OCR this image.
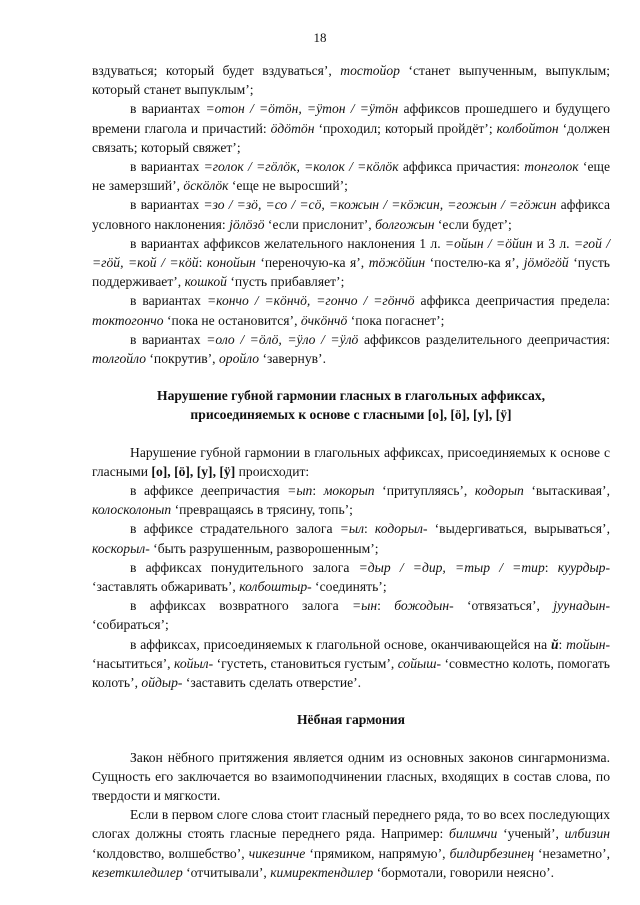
18

вздуваться; который будет вздуваться’, тостойор ‘станет выпученным, выпуклым; который станет выпуклым’;

в вариантах =отон / =ӧтӧн, =ӱтон / =ӱтӧн аффиксов прошедшего и будущего времени глагола и причастий: ӧдӧтӧн ‘проходил; который пройдёт’; колбойтон ‘должен связать; который свяжет’;

в вариантах =голок / =гӧлӧк, =колок / =кӧлӧк аффикса причастия: тонголок ‘еще не замерзший’, ӧскӧлӧк ‘еще не выросший’;

в вариантах =зо / =зӧ, =со / =сӧ, =кожын / =кӧжин, =гожын / =гӧжин аффикса условного наклонения: jӧлӧзӧ ‘если прислонит’, болгожын ‘если будет’;

в вариантах аффиксов желательного наклонения 1 л. =ойын / =ӧйин и 3 л. =гой / =гӧй, =кой / =кӧй: конойын ‘переночую-ка я’, тӧжӧйин ‘постелю-ка я’, jӧмӧгӧй ‘пусть поддерживает’, кошкой ‘пусть прибавляет’;

в вариантах =кончо / =кӧнчӧ, =гончо / =гӧнчӧ аффикса деепричастия предела: токтогончо ‘пока не остановится’, ӧчкӧнчӧ ‘пока погаснет’;

в вариантах =оло / =ӧлӧ, =ӱло / =ӱлӧ аффиксов разделительного деепричастия: толгойло ‘покрутив’, оройло ‘завернув’.

Нарушение губной гармонии гласных в глагольных аффиксах,
присоединяемых к основе с гласными [о], [ӧ], [у], [ӱ]

Нарушение губной гармонии в глагольных аффиксах, присоединяемых к основе с гласными [о], [ӧ], [у], [ӱ] происходит:

в аффиксе деепричастия =ып: мокорып ‘притупляясь’, кодорып ‘вытаскивая’, колосколонып ‘превращаясь в трясину, топь’;

в аффиксе страдательного залога =ыл: кодорыл- ‘выдергиваться, вырываться’, коскорыл- ‘быть разрушенным, разворошенным’;

в аффиксах понудительного залога =дыр / =дир, =тыр / =тир: куурдыр- ‘заставлять обжаривать’, колбоштыр- ‘соединять’;

в аффиксах возвратного залога =ын: божодын- ‘отвязаться’, jуунадын- ‘собираться’;

в аффиксах, присоединяемых к глагольной основе, оканчивающейся на й: тойын- ‘насытиться’, койыл- ‘густеть, становиться густым’, сойыш- ‘совместно колоть, помогать колоть’, ойдыр- ‘заставить сделать отверстие’.

Нёбная гармония

Закон нёбного притяжения является одним из основных законов сингармонизма. Сущность его заключается во взаимоподчинении гласных, входящих в состав слова, по твердости и мягкости.

Если в первом слоге слова стоит гласный переднего ряда, то во всех последующих слогах должны стоять гласные переднего ряда. Например: билимчи ‘ученый’, илбизин ‘колдовство, волшебство’, чикезинче ‘прямиком, напрямую’, билдирбезинең ‘незаметно’, кезеткиледилер ‘отчитывали’, кимиректендилер ‘бормотали, говорили неясно’.
